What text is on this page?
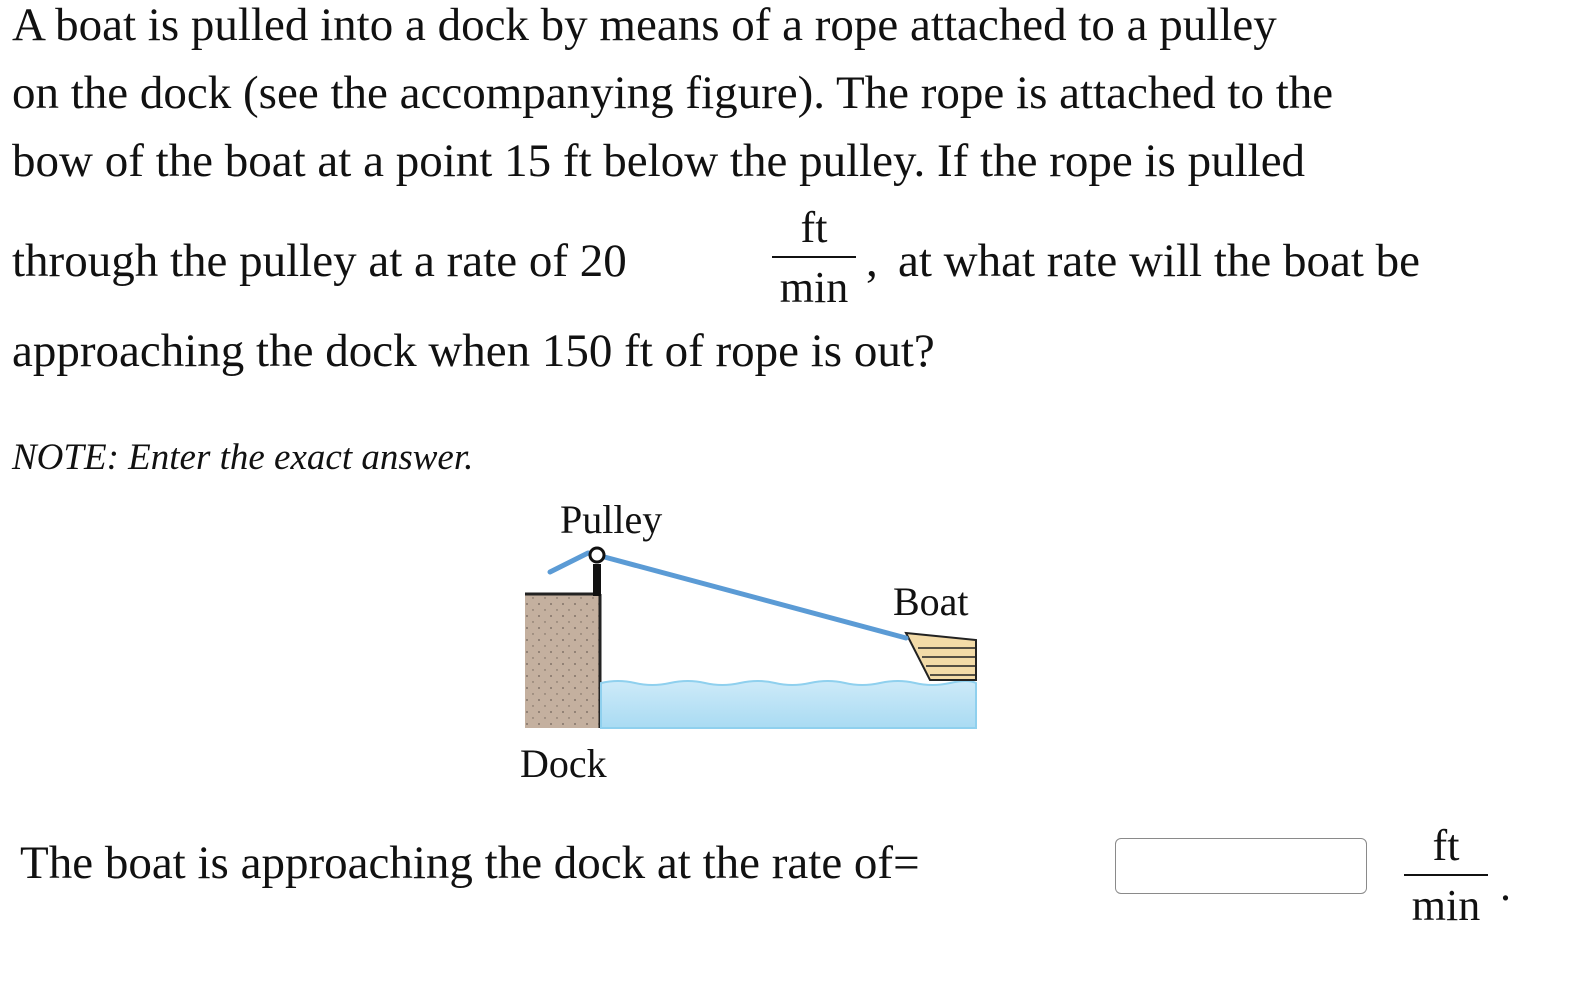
A boat is pulled into a dock by means of a rope attached to a pulley
on the dock (see the accompanying figure). The rope is attached to the
bow of the boat at a point 15 ft below the pulley. If the rope is pulled
through the pulley at a rate of 20
ft
min
, at what rate will the boat be
approaching the dock when 150 ft of rope is out?
NOTE: Enter the exact answer.
Pulley
Boat
Dock
The boat is approaching the dock at the rate of=	ft
min .
